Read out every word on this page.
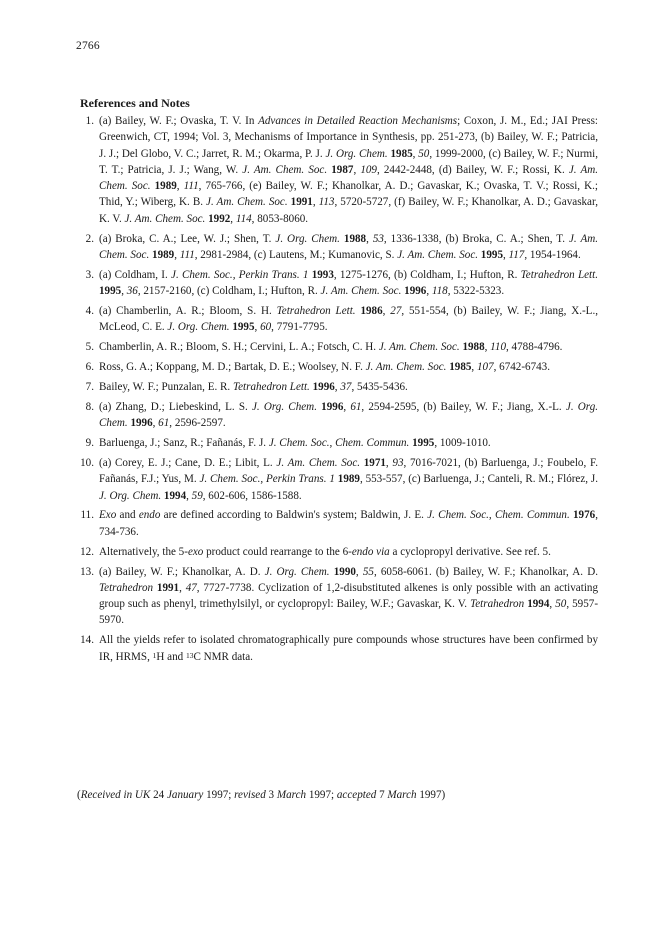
2766
References and Notes
1. (a) Bailey, W. F.; Ovaska, T. V. In Advances in Detailed Reaction Mechanisms; Coxon, J. M., Ed.; JAI Press: Greenwich, CT, 1994; Vol. 3, Mechanisms of Importance in Synthesis, pp. 251-273, (b) Bailey, W. F.; Patricia, J. J.; Del Globo, V. C.; Jarret, R. M.; Okarma, P. J. J. Org. Chem. 1985, 50, 1999-2000, (c) Bailey, W. F.; Nurmi, T. T.; Patricia, J. J.; Wang, W. J. Am. Chem. Soc. 1987, 109, 2442-2448, (d) Bailey, W. F.; Rossi, K. J. Am. Chem. Soc. 1989, 111, 765-766, (e) Bailey, W. F.; Khanolkar, A. D.; Gavaskar, K.; Ovaska, T. V.; Rossi, K.; Thid, Y.; Wiberg, K. B. J. Am. Chem. Soc. 1991, 113, 5720-5727, (f) Bailey, W. F.; Khanolkar, A. D.; Gavaskar, K. V. J. Am. Chem. Soc. 1992, 114, 8053-8060.
2. (a) Broka, C. A.; Lee, W. J.; Shen, T. J. Org. Chem. 1988, 53, 1336-1338, (b) Broka, C. A.; Shen, T. J. Am. Chem. Soc. 1989, 111, 2981-2984, (c) Lautens, M.; Kumanovic, S. J. Am. Chem. Soc. 1995, 117, 1954-1964.
3. (a) Coldham, I. J. Chem. Soc., Perkin Trans. 1 1993, 1275-1276, (b) Coldham, I.; Hufton, R. Tetrahedron Lett. 1995, 36, 2157-2160, (c) Coldham, I.; Hufton, R. J. Am. Chem. Soc. 1996, 118, 5322-5323.
4. (a) Chamberlin, A. R.; Bloom, S. H. Tetrahedron Lett. 1986, 27, 551-554, (b) Bailey, W. F.; Jiang, X.-L., McLeod, C. E. J. Org. Chem. 1995, 60, 7791-7795.
5. Chamberlin, A. R.; Bloom, S. H.; Cervini, L. A.; Fotsch, C. H. J. Am. Chem. Soc. 1988, 110, 4788-4796.
6. Ross, G. A.; Koppang, M. D.; Bartak, D. E.; Woolsey, N. F. J. Am. Chem. Soc. 1985, 107, 6742-6743.
7. Bailey, W. F.; Punzalan, E. R. Tetrahedron Lett. 1996, 37, 5435-5436.
8. (a) Zhang, D.; Liebeskind, L. S. J. Org. Chem. 1996, 61, 2594-2595, (b) Bailey, W. F.; Jiang, X.-L. J. Org. Chem. 1996, 61, 2596-2597.
9. Barluenga, J.; Sanz, R.; Fañanás, F. J. J. Chem. Soc., Chem. Commun. 1995, 1009-1010.
10. (a) Corey, E. J.; Cane, D. E.; Libit, L. J. Am. Chem. Soc. 1971, 93, 7016-7021, (b) Barluenga, J.; Foubelo, F. Fañanás, F.J.; Yus, M. J. Chem. Soc., Perkin Trans. 1 1989, 553-557, (c) Barluenga, J.; Canteli, R. M.; Flórez, J. J. Org. Chem. 1994, 59, 602-606, 1586-1588.
11. Exo and endo are defined according to Baldwin's system; Baldwin, J. E. J. Chem. Soc., Chem. Commun. 1976, 734-736.
12. Alternatively, the 5-exo product could rearrange to the 6-endo via a cyclopropyl derivative. See ref. 5.
13. (a) Bailey, W. F.; Khanolkar, A. D. J. Org. Chem. 1990, 55, 6058-6061. (b) Bailey, W. F.; Khanolkar, A. D. Tetrahedron 1991, 47, 7727-7738. Cyclization of 1,2-disubstituted alkenes is only possible with an activating group such as phenyl, trimethylsilyl, or cyclopropyl: Bailey, W.F.; Gavaskar, K. V. Tetrahedron 1994, 50, 5957-5970.
14. All the yields refer to isolated chromatographically pure compounds whose structures have been confirmed by IR, HRMS, $^1$H and $^{13}$C NMR data.
(Received in UK 24 January 1997; revised 3 March 1997; accepted 7 March 1997)
